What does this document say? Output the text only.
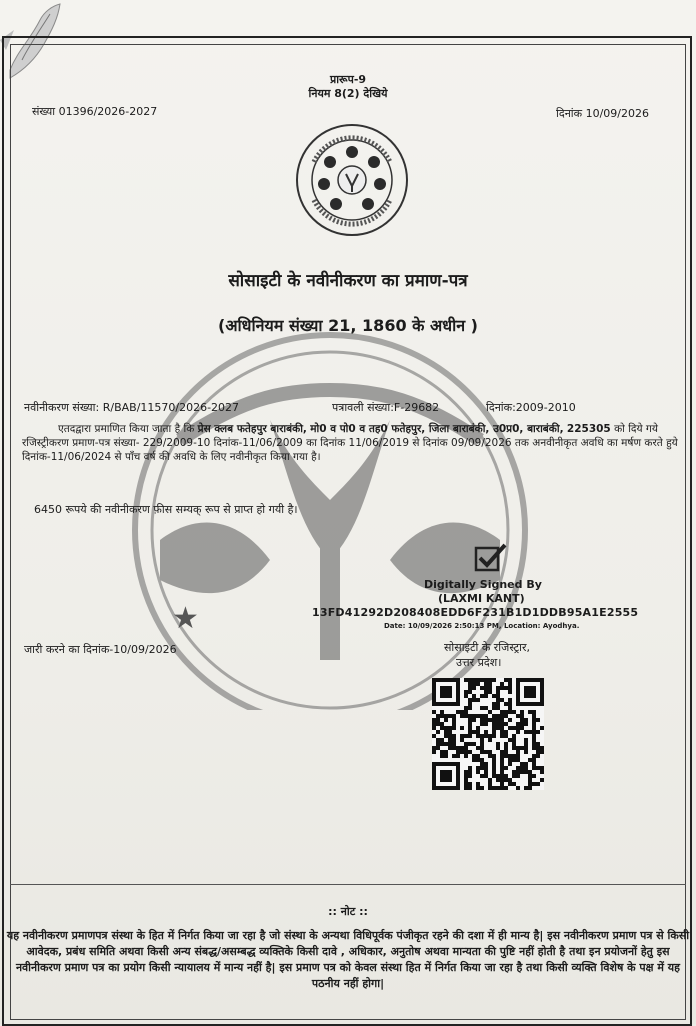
प्रारूप-9
नियम 8(2) देखिये
संख्या 01396/2026-2027	दिनांक 10/09/2026
सोसाइटी के नवीनीकरण का प्रमाण-पत्र
(अधिनियम संख्या 21, 1860 के अधीन )
नवीनीकरण संख्या: R/BAB/11570/2026-2027	पत्रावली संख्या:F-29682	दिनांक:2009-2010
एतदद्वारा प्रमाणित किया जाता है कि प्रेस क्लब फतेहपुर बाराबंकी, मो0 व पो0 व तह0 फतेहपुर, जिला बाराबंकी, उ0प्र0, बाराबंकी, 225305 को दिये गये रजिस्ट्रीकरण प्रमाण-पत्र संख्या- 229/2009-10 दिनांक-11/06/2009 का दिनांक 11/06/2019 से दिनांक 09/09/2026 तक अनवीनीकृत अवधि का मर्षण करते हुये दिनांक-11/06/2024 से पाँच वर्ष की अवधि के लिए नवीनीकृत किया गया है।
6450 रूपये की नवीनीकरण फ़ीस सम्यक् रूप से प्राप्त हो गयी है।
Digitally Signed By
(LAXMI KANT)
13FD41292D208408EDD6F231B1D1DDB95A1E2555
Date: 10/09/2026 2:50:13 PM, Location: Ayodhya.
जारी करने का दिनांक-10/09/2026
★
सोसाइटी के रजिस्ट्रार,
उत्तर प्रदेश।
:: नोट ::
यह नवीनीकरण प्रमाणपत्र संस्था के हित में निर्गत किया जा रहा है जो संस्था के अन्यथा विधिपूर्वक पंजीकृत रहने की दशा में ही मान्य है| इस नवीनीकरण प्रमाण पत्र से किसी आवेदक, प्रबंध समिति अथवा किसी अन्य संबद्ध/असम्बद्ध व्यक्तिके किसी दावे , अधिकार, अनुतोष अथवा मान्यता की पुष्टि नहीं होती है तथा इन प्रयोजनों हेतु इस नवीनीकरण प्रमाण पत्र का प्रयोग किसी न्यायालय में मान्य नहीं है| इस प्रमाण पत्र को केवल संस्था हित में निर्गत किया जा रहा है तथा किसी व्यक्ति विशेष के पक्ष में यह पठनीय नहीं होगा|
